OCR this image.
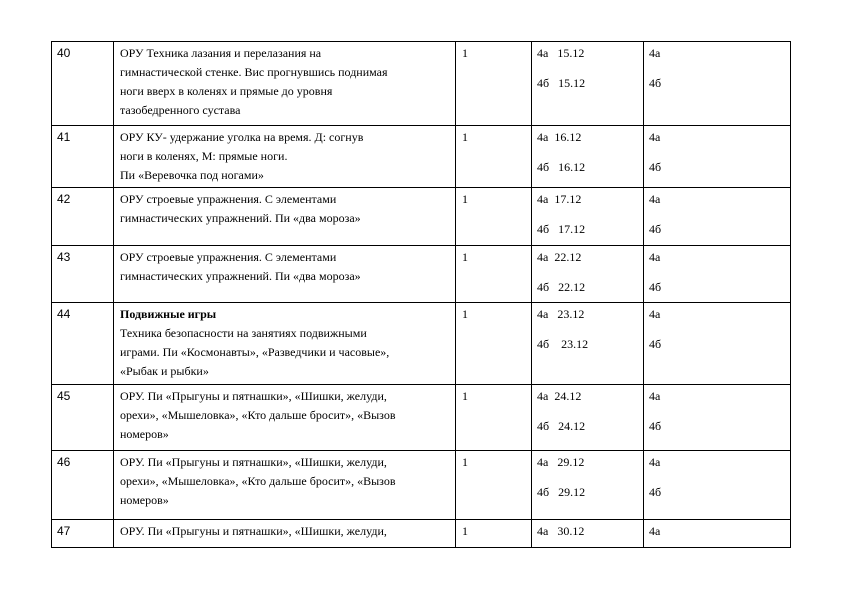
40	ОРУ Техника лазания и перелазания на
гимнастической стенке. Вис прогнувшись поднимая
ноги вверх в коленях и прямые до уровня
тазобедренного сустава	1	4а   15.12
4б   15.12	4а
4б

41	ОРУ КУ- удержание уголка на время. Д: согнув
ноги в коленях, М: прямые ноги.
Пи «Веревочка под ногами»	1	4а  16.12
4б   16.12	4а
4б

42	ОРУ строевые упражнения. С элементами
гимнастических упражнений. Пи «два мороза»	1	4а  17.12
4б   17.12	4а
4б

43	ОРУ строевые упражнения. С элементами
гимнастических упражнений. Пи «два мороза»	1	4а  22.12
4б   22.12	4а
4б

44	Подвижные игры
Техника безопасности на занятиях подвижными
играми. Пи «Космонавты», «Разведчики и часовые»,
«Рыбак и рыбки»	1	4а   23.12
4б    23.12	4а
4б

45	ОРУ. Пи «Прыгуны и пятнашки», «Шишки, желуди,
орехи», «Мышеловка», «Кто дальше бросит», «Вызов
номеров»	1	4а  24.12
4б   24.12	4а
4б

46	ОРУ. Пи «Прыгуны и пятнашки», «Шишки, желуди,
орехи», «Мышеловка», «Кто дальше бросит», «Вызов
номеров»	1	4а   29.12
4б   29.12	4а
4б

47	ОРУ. Пи «Прыгуны и пятнашки», «Шишки, желуди,	1	4а   30.12	4а
